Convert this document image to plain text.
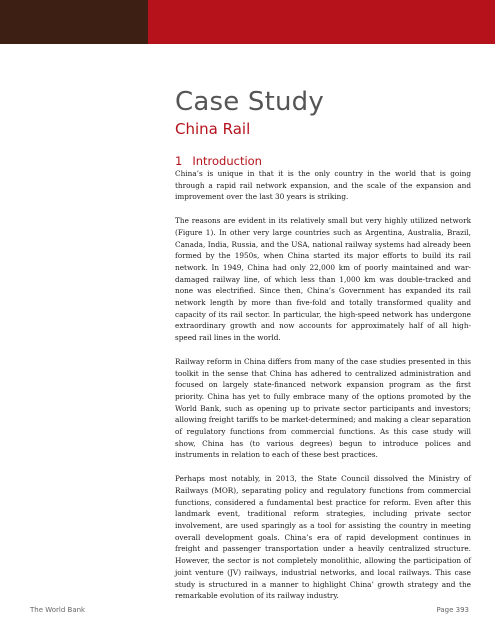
Case Study
China Rail
1 Introduction

China’s is unique in that it is the only country in the world that is going through a rapid rail network expansion, and the scale of the expansion and improvement over the last 30 years is striking.

The reasons are evident in its relatively small but very highly utilized network (Figure 1). In other very large countries such as Argentina, Australia, Brazil, Canada, India, Russia, and the USA, national railway systems had already been formed by the 1950s, when China started its major efforts to build its rail network. In 1949, China had only 22,000 km of poorly maintained and war-damaged railway line, of which less than 1,000 km was double-tracked and none was electrified. Since then, China’s Government has expanded its rail network length by more than five-fold and totally transformed quality and capacity of its rail sector. In particular, the high-speed network has undergone extraordinary growth and now accounts for approximately half of all high-speed rail lines in the world.

Railway reform in China differs from many of the case studies presented in this toolkit in the sense that China has adhered to centralized administration and focused on largely state-financed network expansion program as the first priority. China has yet to fully embrace many of the options promoted by the World Bank, such as opening up to private sector participants and investors; allowing freight tariffs to be market-determined; and making a clear separation of regulatory functions from commercial functions. As this case study will show, China has (to various degrees) begun to introduce polices and instruments in relation to each of these best practices.

Perhaps most notably, in 2013, the State Council dissolved the Ministry of Railways (MOR), separating policy and regulatory functions from commercial functions, considered a fundamental best practice for reform. Even after this landmark event, traditional reform strategies, including private sector involvement, are used sparingly as a tool for assisting the country in meeting overall development goals. China’s era of rapid development continues in freight and passenger transportation under a heavily centralized structure. However, the sector is not completely monolithic, allowing the participation of joint venture (JV) railways, industrial networks, and local railways. This case study is structured in a manner to highlight China’ growth strategy and the remarkable evolution of its railway industry.

The World Bank	Page 393
